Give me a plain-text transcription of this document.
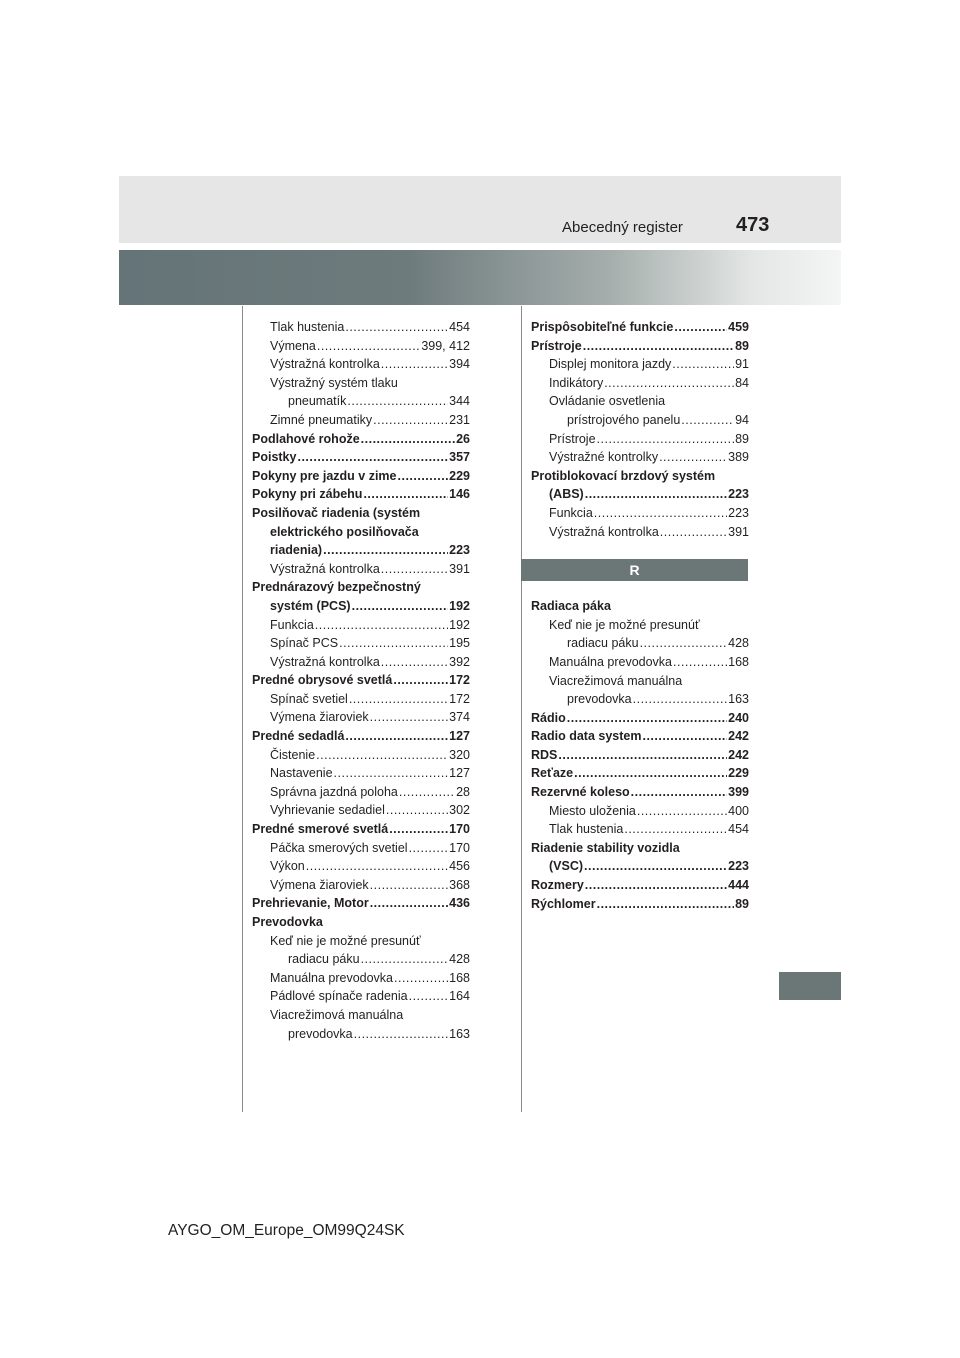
Abecedný register	473
Tlak hustenia .....	454
Výmena .....	399, 412
Výstražná kontrolka .....	394
Výstražný systém tlaku
pneumatík .....	344
Zimné pneumatiky .....	231
Podlahové rohože .....	26
Poistky .....	357
Pokyny pre jazdu v zime .....	229
Pokyny pri zábehu .....	146
Posilňovač riadenia (systém
elektrického posilňovača
riadenia) .....	223
Výstražná kontrolka .....	391
Prednárazový bezpečnostný
systém (PCS) .....	192
Funkcia .....	192
Spínač PCS .....	195
Výstražná kontrolka .....	392
Predné obrysové svetlá .....	172
Spínač svetiel .....	172
Výmena žiaroviek .....	374
Predné sedadlá .....	127
Čistenie .....	320
Nastavenie .....	127
Správna jazdná poloha .....	28
Vyhrievanie sedadiel .....	302
Predné smerové svetlá .....	170
Páčka smerových svetiel .....	170
Výkon .....	456
Výmena žiaroviek .....	368
Prehrievanie, Motor .....	436
Prevodovka
Keď nie je možné presunúť
radiacu páku .....	428
Manuálna prevodovka .....	168
Pádlové spínače radenia .....	164
Viacrežimová manuálna
prevodovka .....	163
Prispôsobiteľné funkcie .....	459
Prístroje .....	89
Displej monitora jazdy .....	91
Indikátory .....	84
Ovládanie osvetlenia
prístrojového panelu .....	94
Prístroje .....	89
Výstražné kontrolky .....	389
Protiblokovací brzdový systém
(ABS) .....	223
Funkcia .....	223
Výstražná kontrolka .....	391
R
Radiaca páka
Keď nie je možné presunúť
radiacu páku .....	428
Manuálna prevodovka .....	168
Viacrežimová manuálna
prevodovka .....	163
Rádio .....	240
Radio data system .....	242
RDS .....	242
Reťaze .....	229
Rezervné koleso .....	399
Miesto uloženia .....	400
Tlak hustenia .....	454
Riadenie stability vozidla
(VSC) .....	223
Rozmery .....	444
Rýchlomer .....	89
AYGO_OM_Europe_OM99Q24SK
